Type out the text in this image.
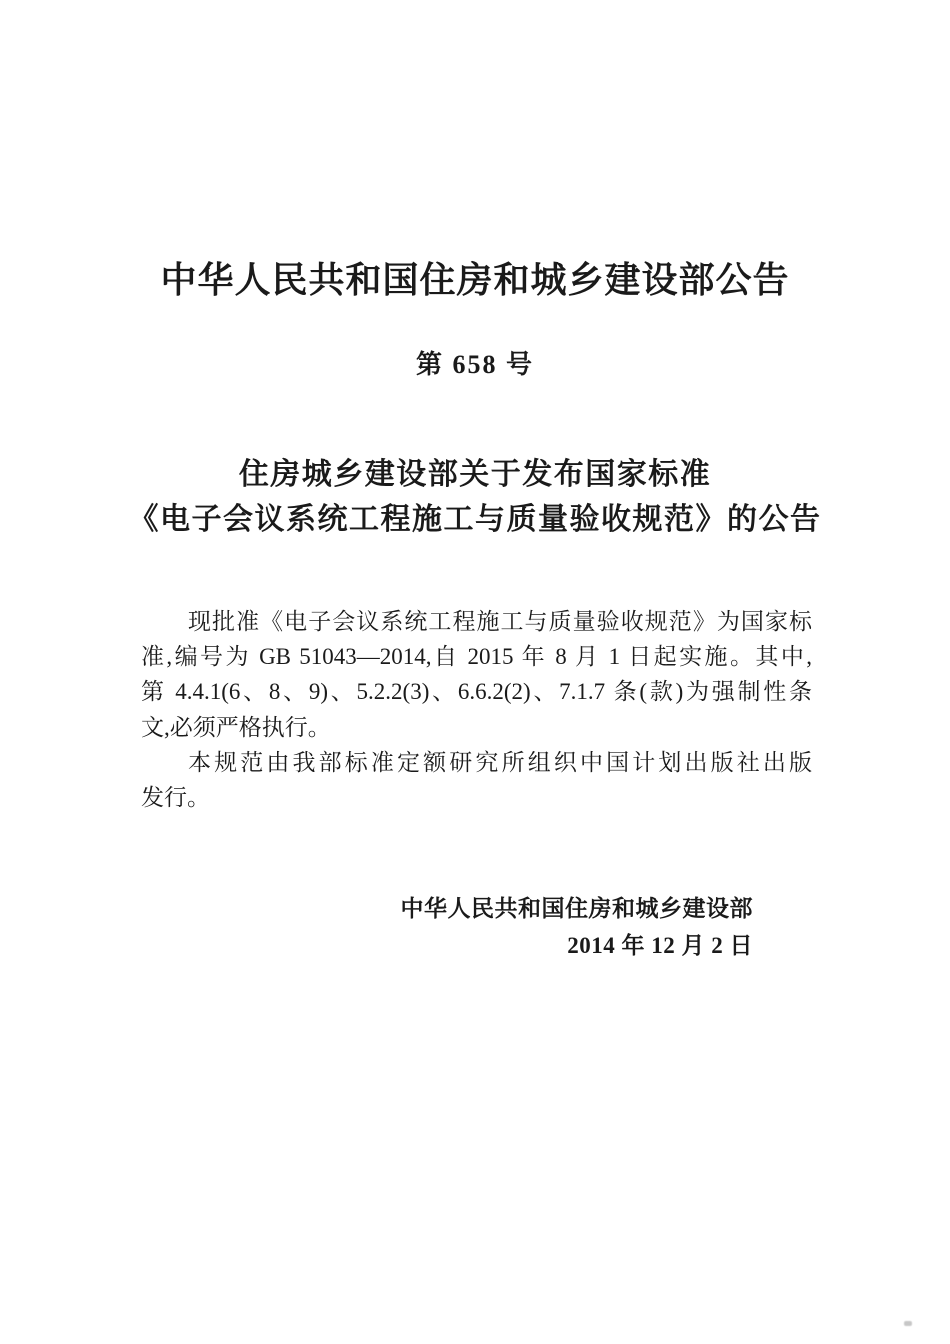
中华人民共和国住房和城乡建设部公告
第 658 号
住房城乡建设部关于发布国家标准
《电子会议系统工程施工与质量验收规范》的公告
现批准《电子会议系统工程施工与质量验收规范》为国家标
准,编号为 GB 51043—2014,自 2015 年 8 月 1 日起实施。其中,
第 4.4.1(6、8、9)、5.2.2(3)、6.6.2(2)、7.1.7 条(款)为强制性条
文,必须严格执行。
本规范由我部标准定额研究所组织中国计划出版社出版
发行。
中华人民共和国住房和城乡建设部
2014 年 12 月 2 日
